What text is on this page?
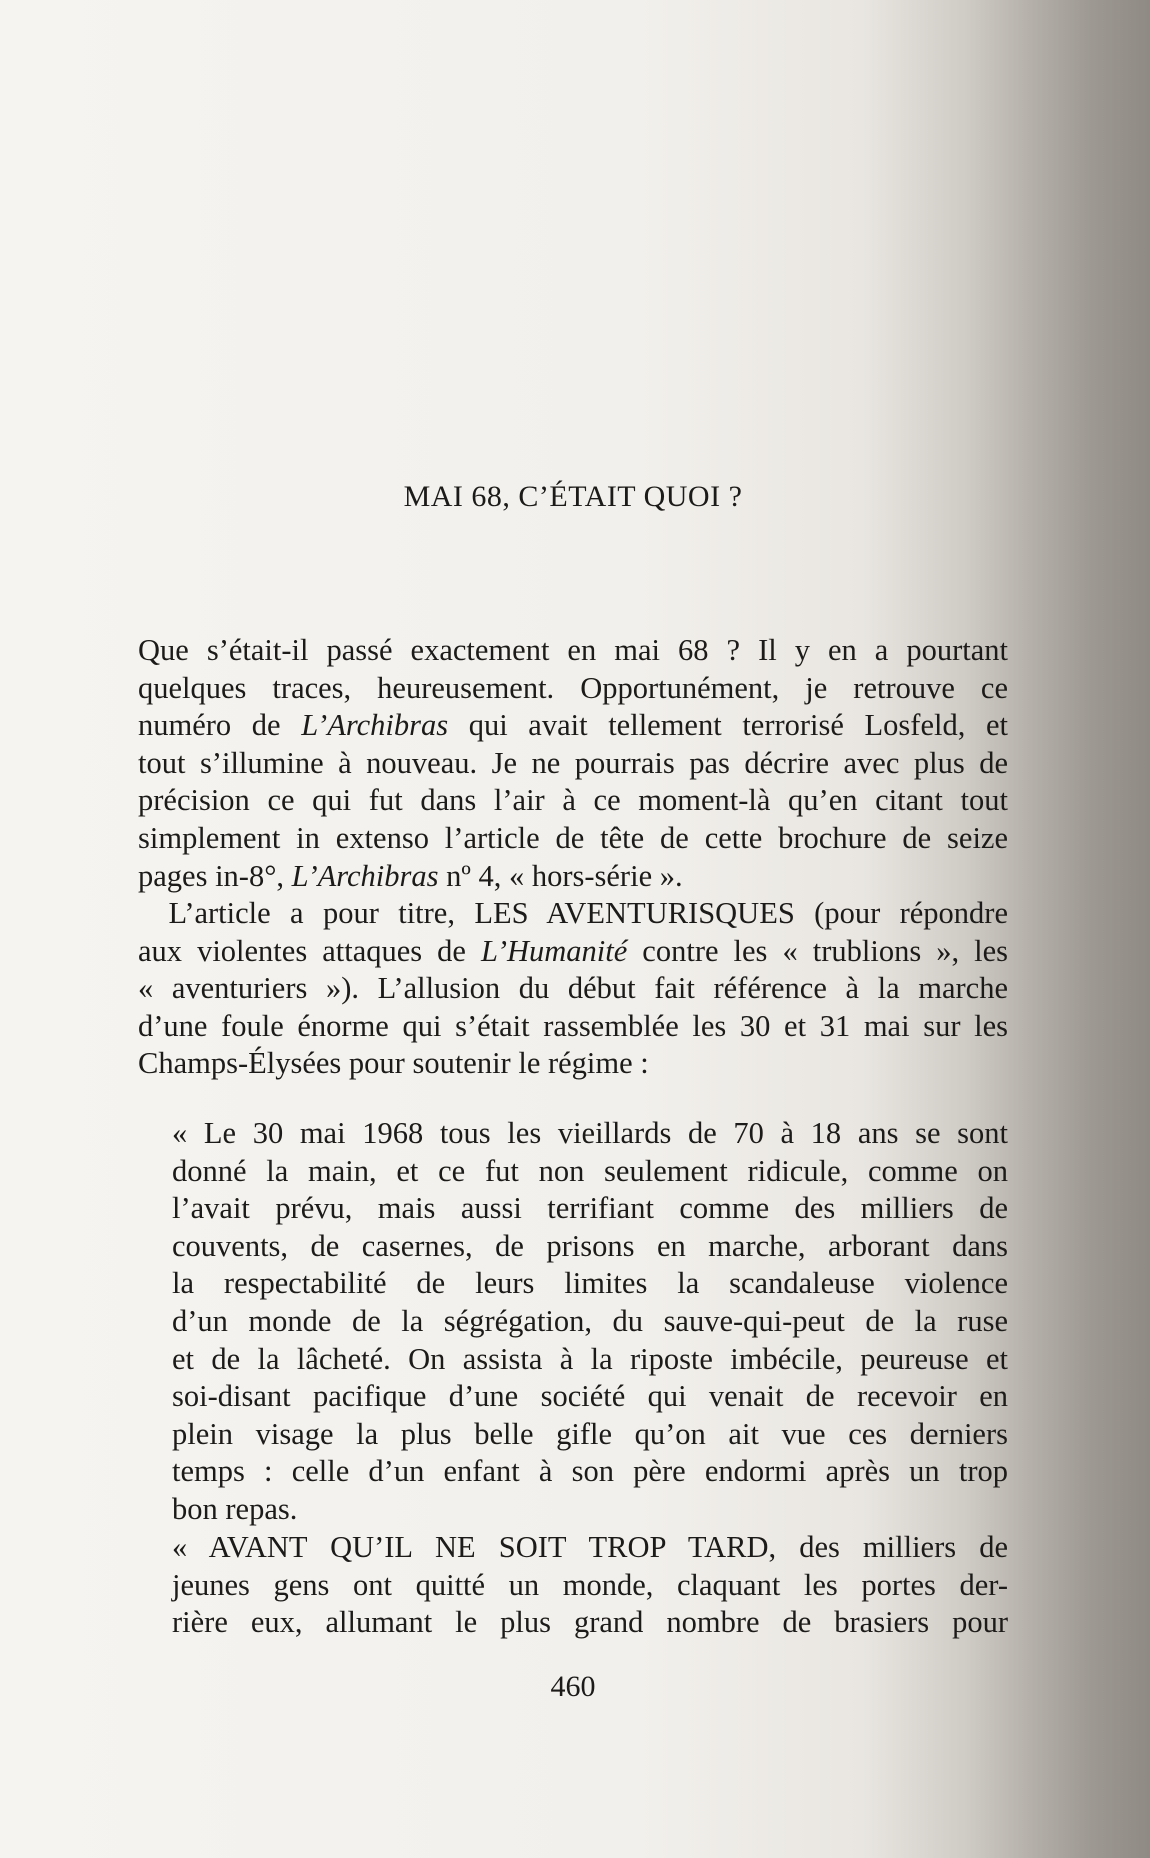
MAI 68, C’ÉTAIT QUOI ?
Que s’était-il passé exactement en mai 68 ? Il y en a pourtant
quelques traces, heureusement. Opportunément, je retrouve ce
numéro de L’Archibras qui avait tellement terrorisé Losfeld, et
tout s’illumine à nouveau. Je ne pourrais pas décrire avec plus de
précision ce qui fut dans l’air à ce moment-là qu’en citant tout
simplement in extenso l’article de tête de cette brochure de seize
pages in-8°, L’Archibras nº 4, « hors-série ».
 L’article a pour titre, LES AVENTURISQUES (pour répondre
aux violentes attaques de L’Humanité contre les « trublions », les
« aventuriers »). L’allusion du début fait référence à la marche
d’une foule énorme qui s’était rassemblée les 30 et 31 mai sur les
Champs-Élysées pour soutenir le régime :
« Le 30 mai 1968 tous les vieillards de 70 à 18 ans se sont
donné la main, et ce fut non seulement ridicule, comme on
l’avait prévu, mais aussi terrifiant comme des milliers de
couvents, de casernes, de prisons en marche, arborant dans
la respectabilité de leurs limites la scandaleuse violence
d’un monde de la ségrégation, du sauve-qui-peut de la ruse
et de la lâcheté. On assista à la riposte imbécile, peureuse et
soi-disant pacifique d’une société qui venait de recevoir en
plein visage la plus belle gifle qu’on ait vue ces derniers
temps : celle d’un enfant à son père endormi après un trop
bon repas.
« AVANT QU’IL NE SOIT TROP TARD, des milliers de
jeunes gens ont quitté un monde, claquant les portes der-
rière eux, allumant le plus grand nombre de brasiers pour
460
